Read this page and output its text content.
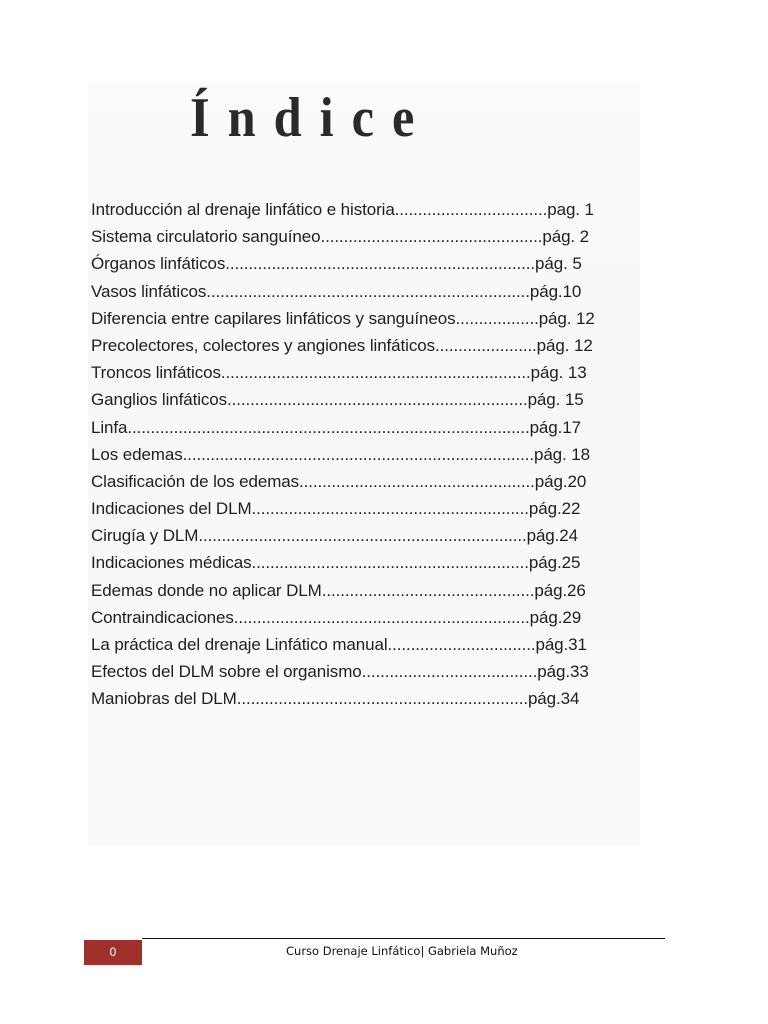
Índice
Introducción al drenaje linfático e historia.................................pag. 1
Sistema circulatorio sanguíneo................................................pág. 2
Órganos linfáticos...................................................................pág. 5
Vasos linfáticos......................................................................pág.10
Diferencia entre capilares linfáticos y sanguíneos..................pág. 12
Precolectores, colectores y angiones linfáticos......................pág. 12
Troncos linfáticos...................................................................pág. 13
Ganglios linfáticos.................................................................pág. 15
Linfa.......................................................................................pág.17
Los edemas............................................................................pág. 18
Clasificación de los edemas...................................................pág.20
Indicaciones del DLM............................................................pág.22
Cirugía y DLM.......................................................................pág.24
Indicaciones médicas............................................................pág.25
Edemas donde no aplicar DLM..............................................pág.26
Contraindicaciones................................................................pág.29
La práctica del drenaje Linfático manual................................pág.31
Efectos del DLM sobre el organismo......................................pág.33
Maniobras del DLM...............................................................pág.34
0	Curso Drenaje Linfático| Gabriela Muñoz
